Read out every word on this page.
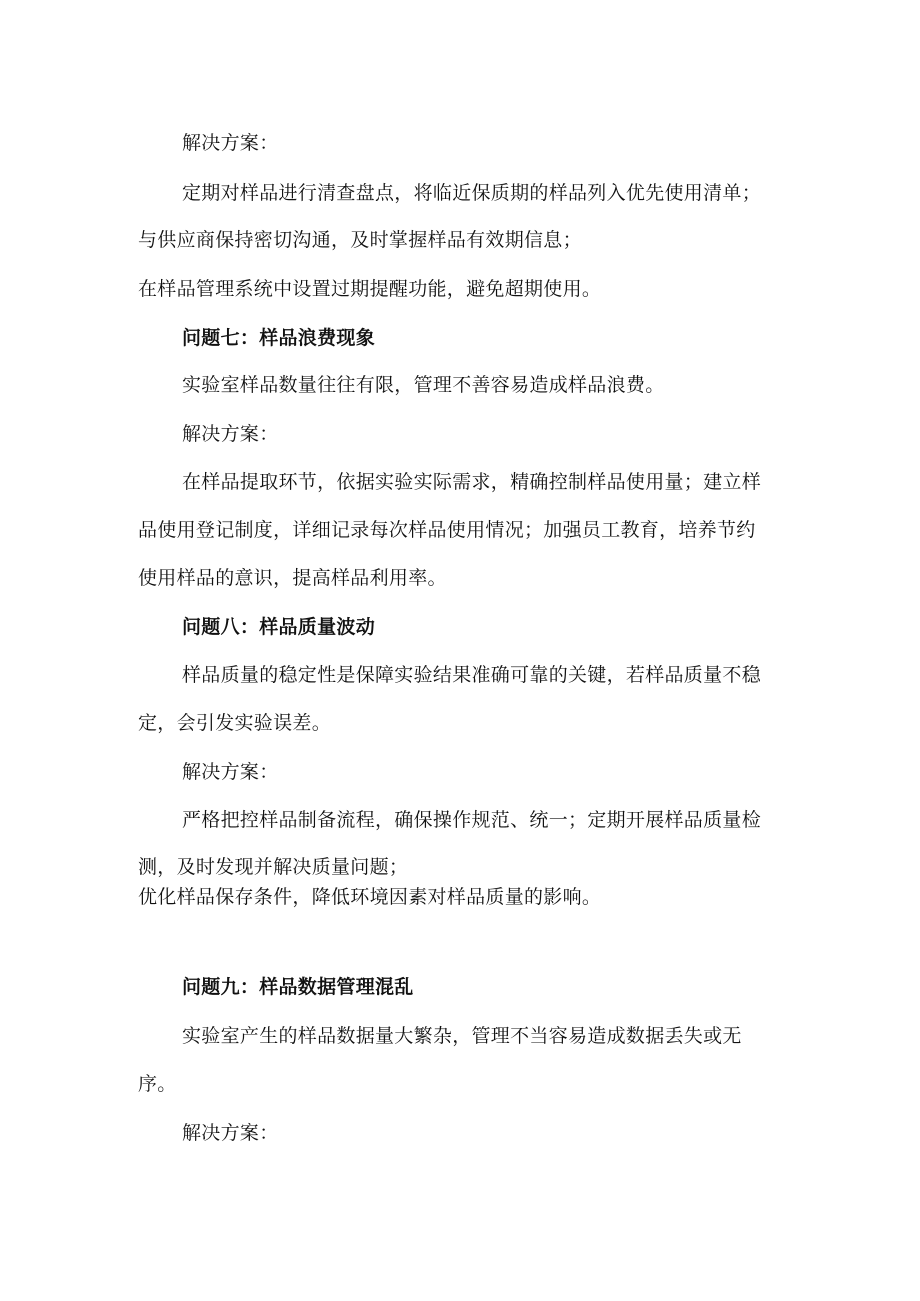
解决方案：
定期对样品进行清查盘点，将临近保质期的样品列入优先使用清单；
与供应商保持密切沟通，及时掌握样品有效期信息；
在样品管理系统中设置过期提醒功能，避免超期使用。
问题七：样品浪费现象
实验室样品数量往往有限，管理不善容易造成样品浪费。
解决方案：
在样品提取环节，依据实验实际需求，精确控制样品使用量；建立样
品使用登记制度，详细记录每次样品使用情况；加强员工教育，培养节约
使用样品的意识，提高样品利用率。
问题八：样品质量波动
样品质量的稳定性是保障实验结果准确可靠的关键，若样品质量不稳
定，会引发实验误差。
解决方案：
严格把控样品制备流程，确保操作规范、统一；定期开展样品质量检
测，及时发现并解决质量问题；
优化样品保存条件，降低环境因素对样品质量的影响。
问题九：样品数据管理混乱
实验室产生的样品数据量大繁杂，管理不当容易造成数据丢失或无
序。
解决方案：
